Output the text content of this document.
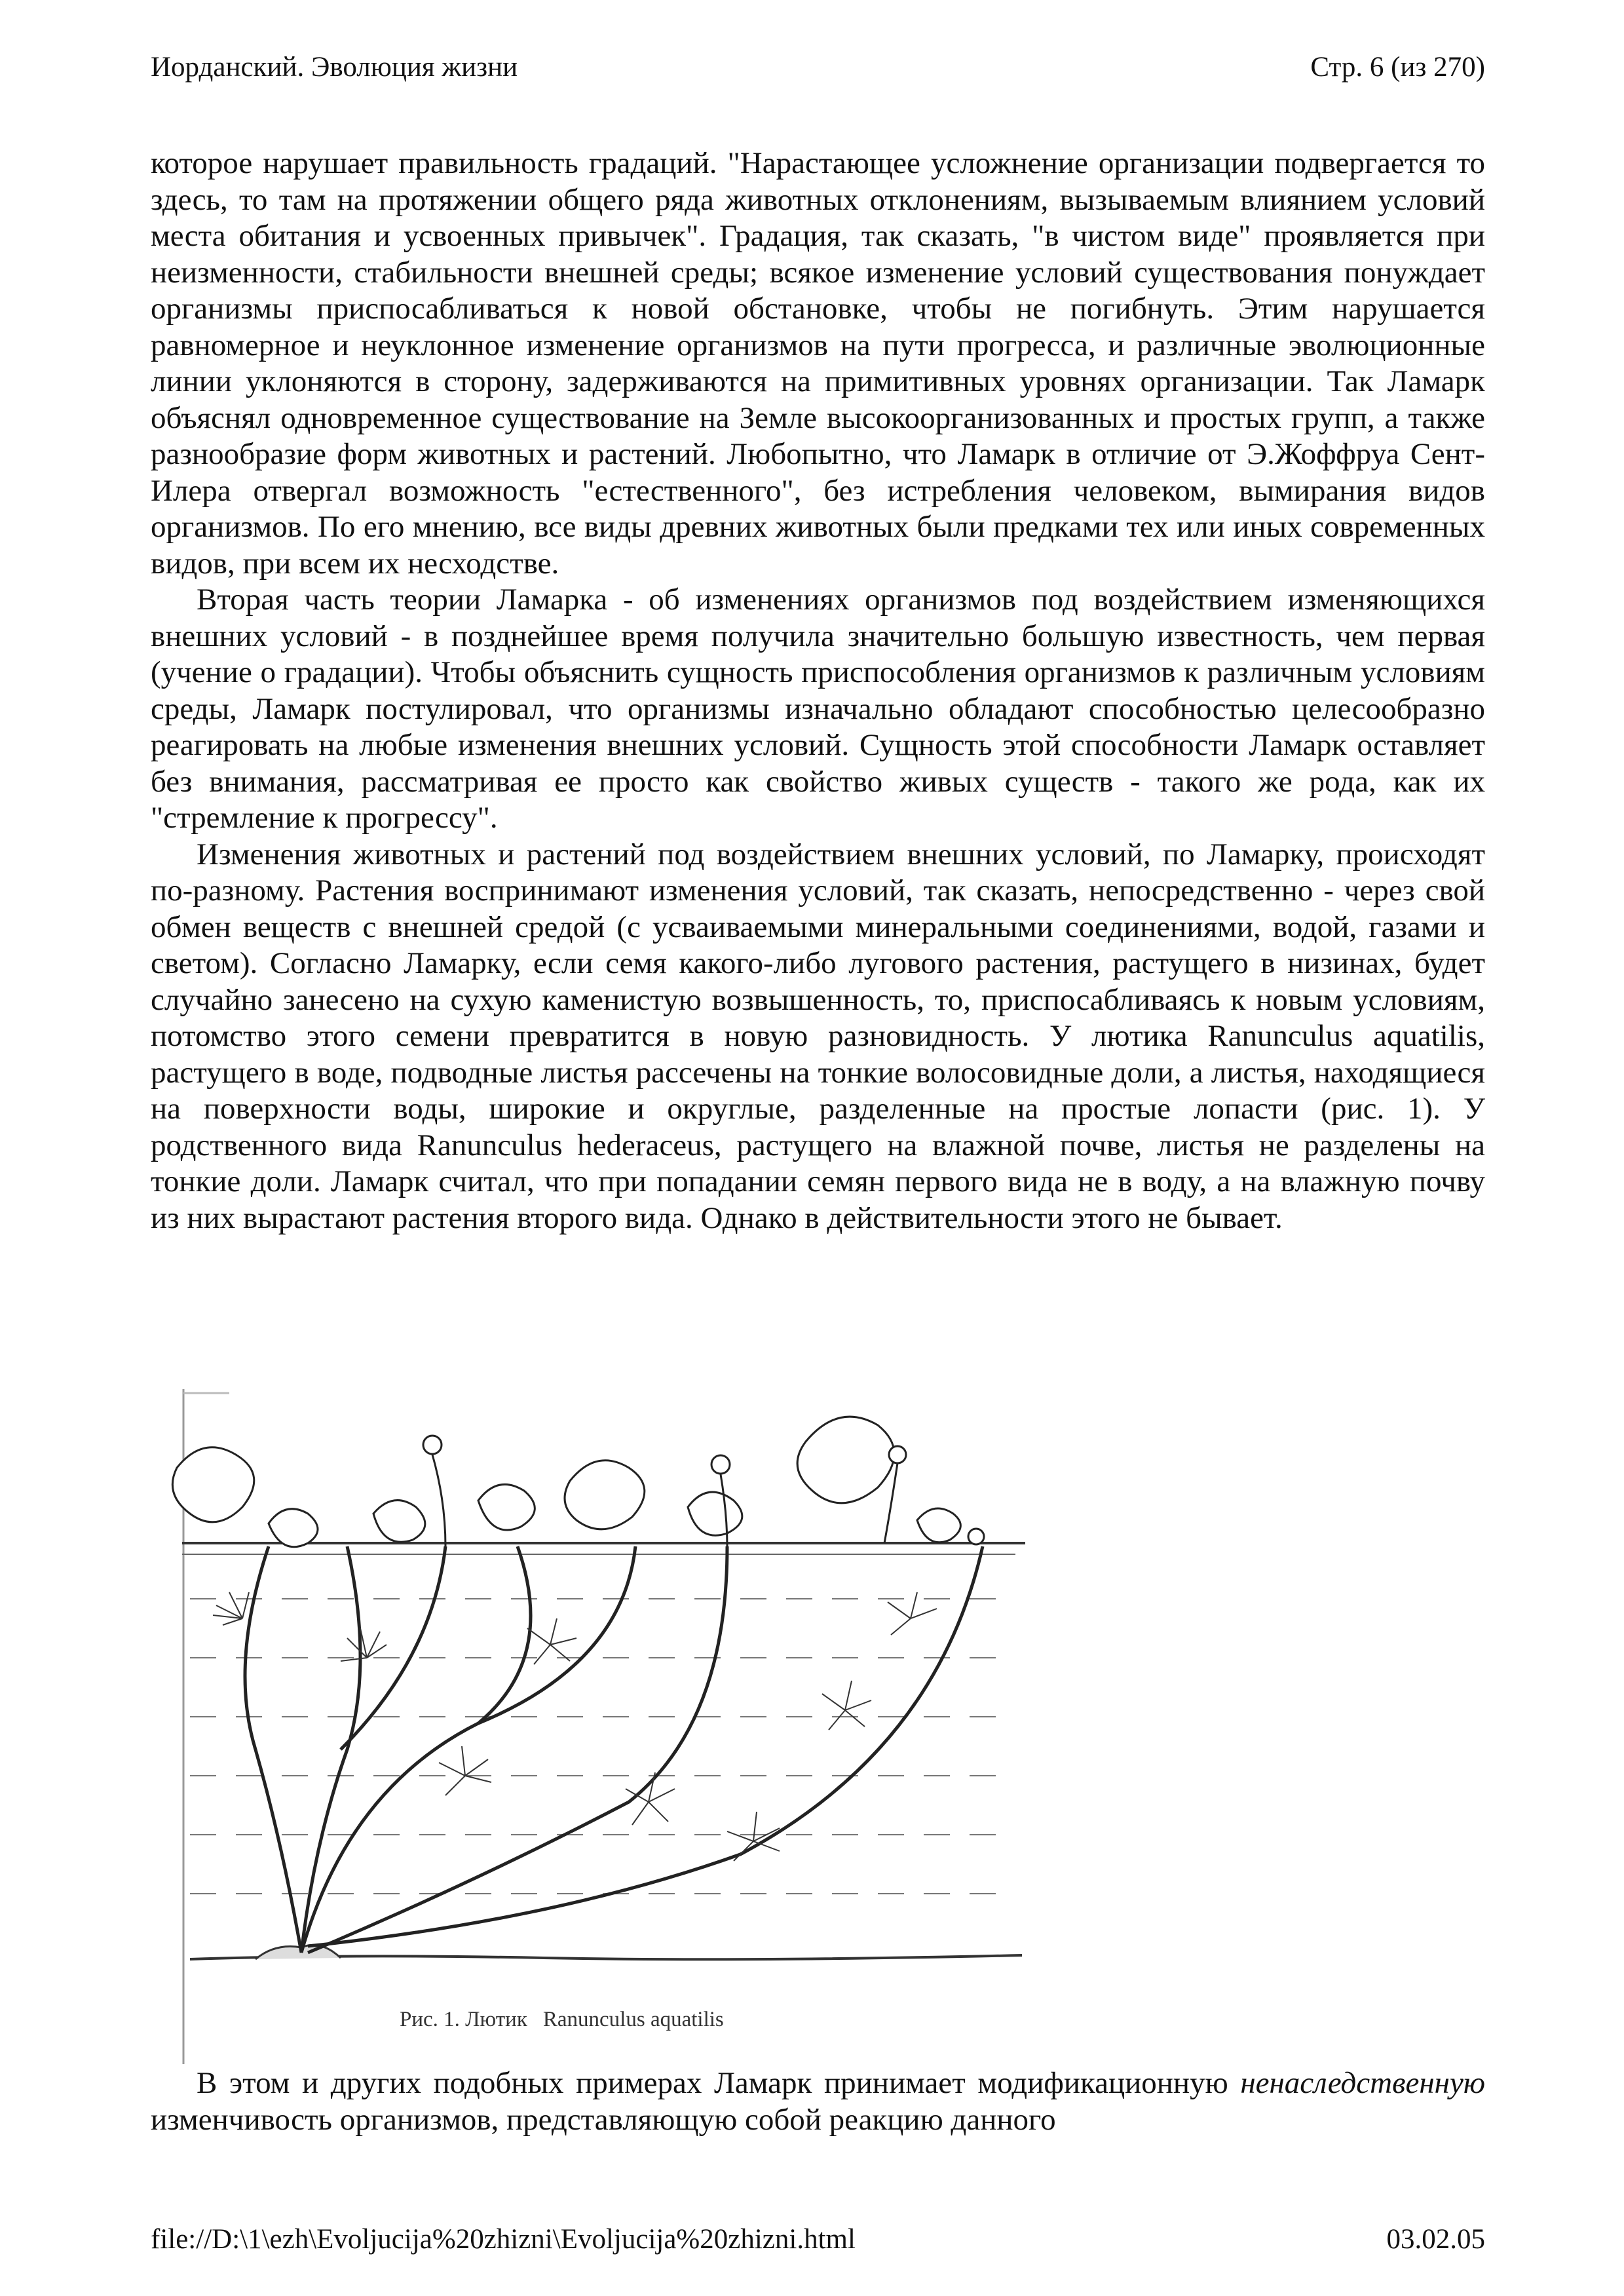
Иорданский. Эволюция жизни	Стр. 6 (из 270)

которое нарушает правильность градаций. "Нарастающее усложнение организации подвергается то здесь, то там на протяжении общего ряда животных отклонениям, вызываемым влиянием условий места обитания и усвоенных привычек". Градация, так сказать, "в чистом виде" проявляется при неизменности, стабильности внешней среды; всякое изменение условий существования понуждает организмы приспосабливаться к новой обстановке, чтобы не погибнуть. Этим нарушается равномерное и неуклонное изменение организмов на пути прогресса, и различные эволюционные линии уклоняются в сторону, задерживаются на примитивных уровнях организации. Так Ламарк объяснял одновременное существование на Земле высокоорганизованных и простых групп, а также разнообразие форм животных и растений. Любопытно, что Ламарк в отличие от Э.Жоффруа Сент-Илера отвергал возможность "естественного", без истребления человеком, вымирания видов организмов. По его мнению, все виды древних животных были предками тех или иных современных видов, при всем их несходстве.

Вторая часть теории Ламарка - об изменениях организмов под воздействием изменяющихся внешних условий - в позднейшее время получила значительно большую известность, чем первая (учение о градации). Чтобы объяснить сущность приспособления организмов к различным условиям среды, Ламарк постулировал, что организмы изначально обладают способностью целесообразно реагировать на любые изменения внешних условий. Сущность этой способности Ламарк оставляет без внимания, рассматривая ее просто как свойство живых существ - такого же рода, как их "стремление к прогрессу".

Изменения животных и растений под воздействием внешних условий, по Ламарку, происходят по-разному. Растения воспринимают изменения условий, так сказать, непосредственно - через свой обмен веществ с внешней средой (с усваиваемыми минеральными соединениями, водой, газами и светом). Согласно Ламарку, если семя какого-либо лугового растения, растущего в низинах, будет случайно занесено на сухую каменистую возвышенность, то, приспосабливаясь к новым условиям, потомство этого семени превратится в новую разновидность. У лютика Ranunculus aquatilis, растущего в воде, подводные листья рассечены на тонкие волосовидные доли, а листья, находящиеся на поверхности воды, широкие и округлые, разделенные на простые лопасти (рис. 1). У родственного вида Ranunculus hederaceus, растущего на влажной почве, листья не разделены на тонкие доли. Ламарк считал, что при попадании семян первого вида не в воду, а на влажную почву из них вырастают растения второго вида. Однако в действительности этого не бывает.

Рис. 1. Лютик Ranunculus aquatilis

В этом и других подобных примерах Ламарк принимает модификационную ненаследственную изменчивость организмов, представляющую собой реакцию данного

file://D:\1\ezh\Evoljucija%20zhizni\Evoljucija%20zhizni.html	03.02.05
